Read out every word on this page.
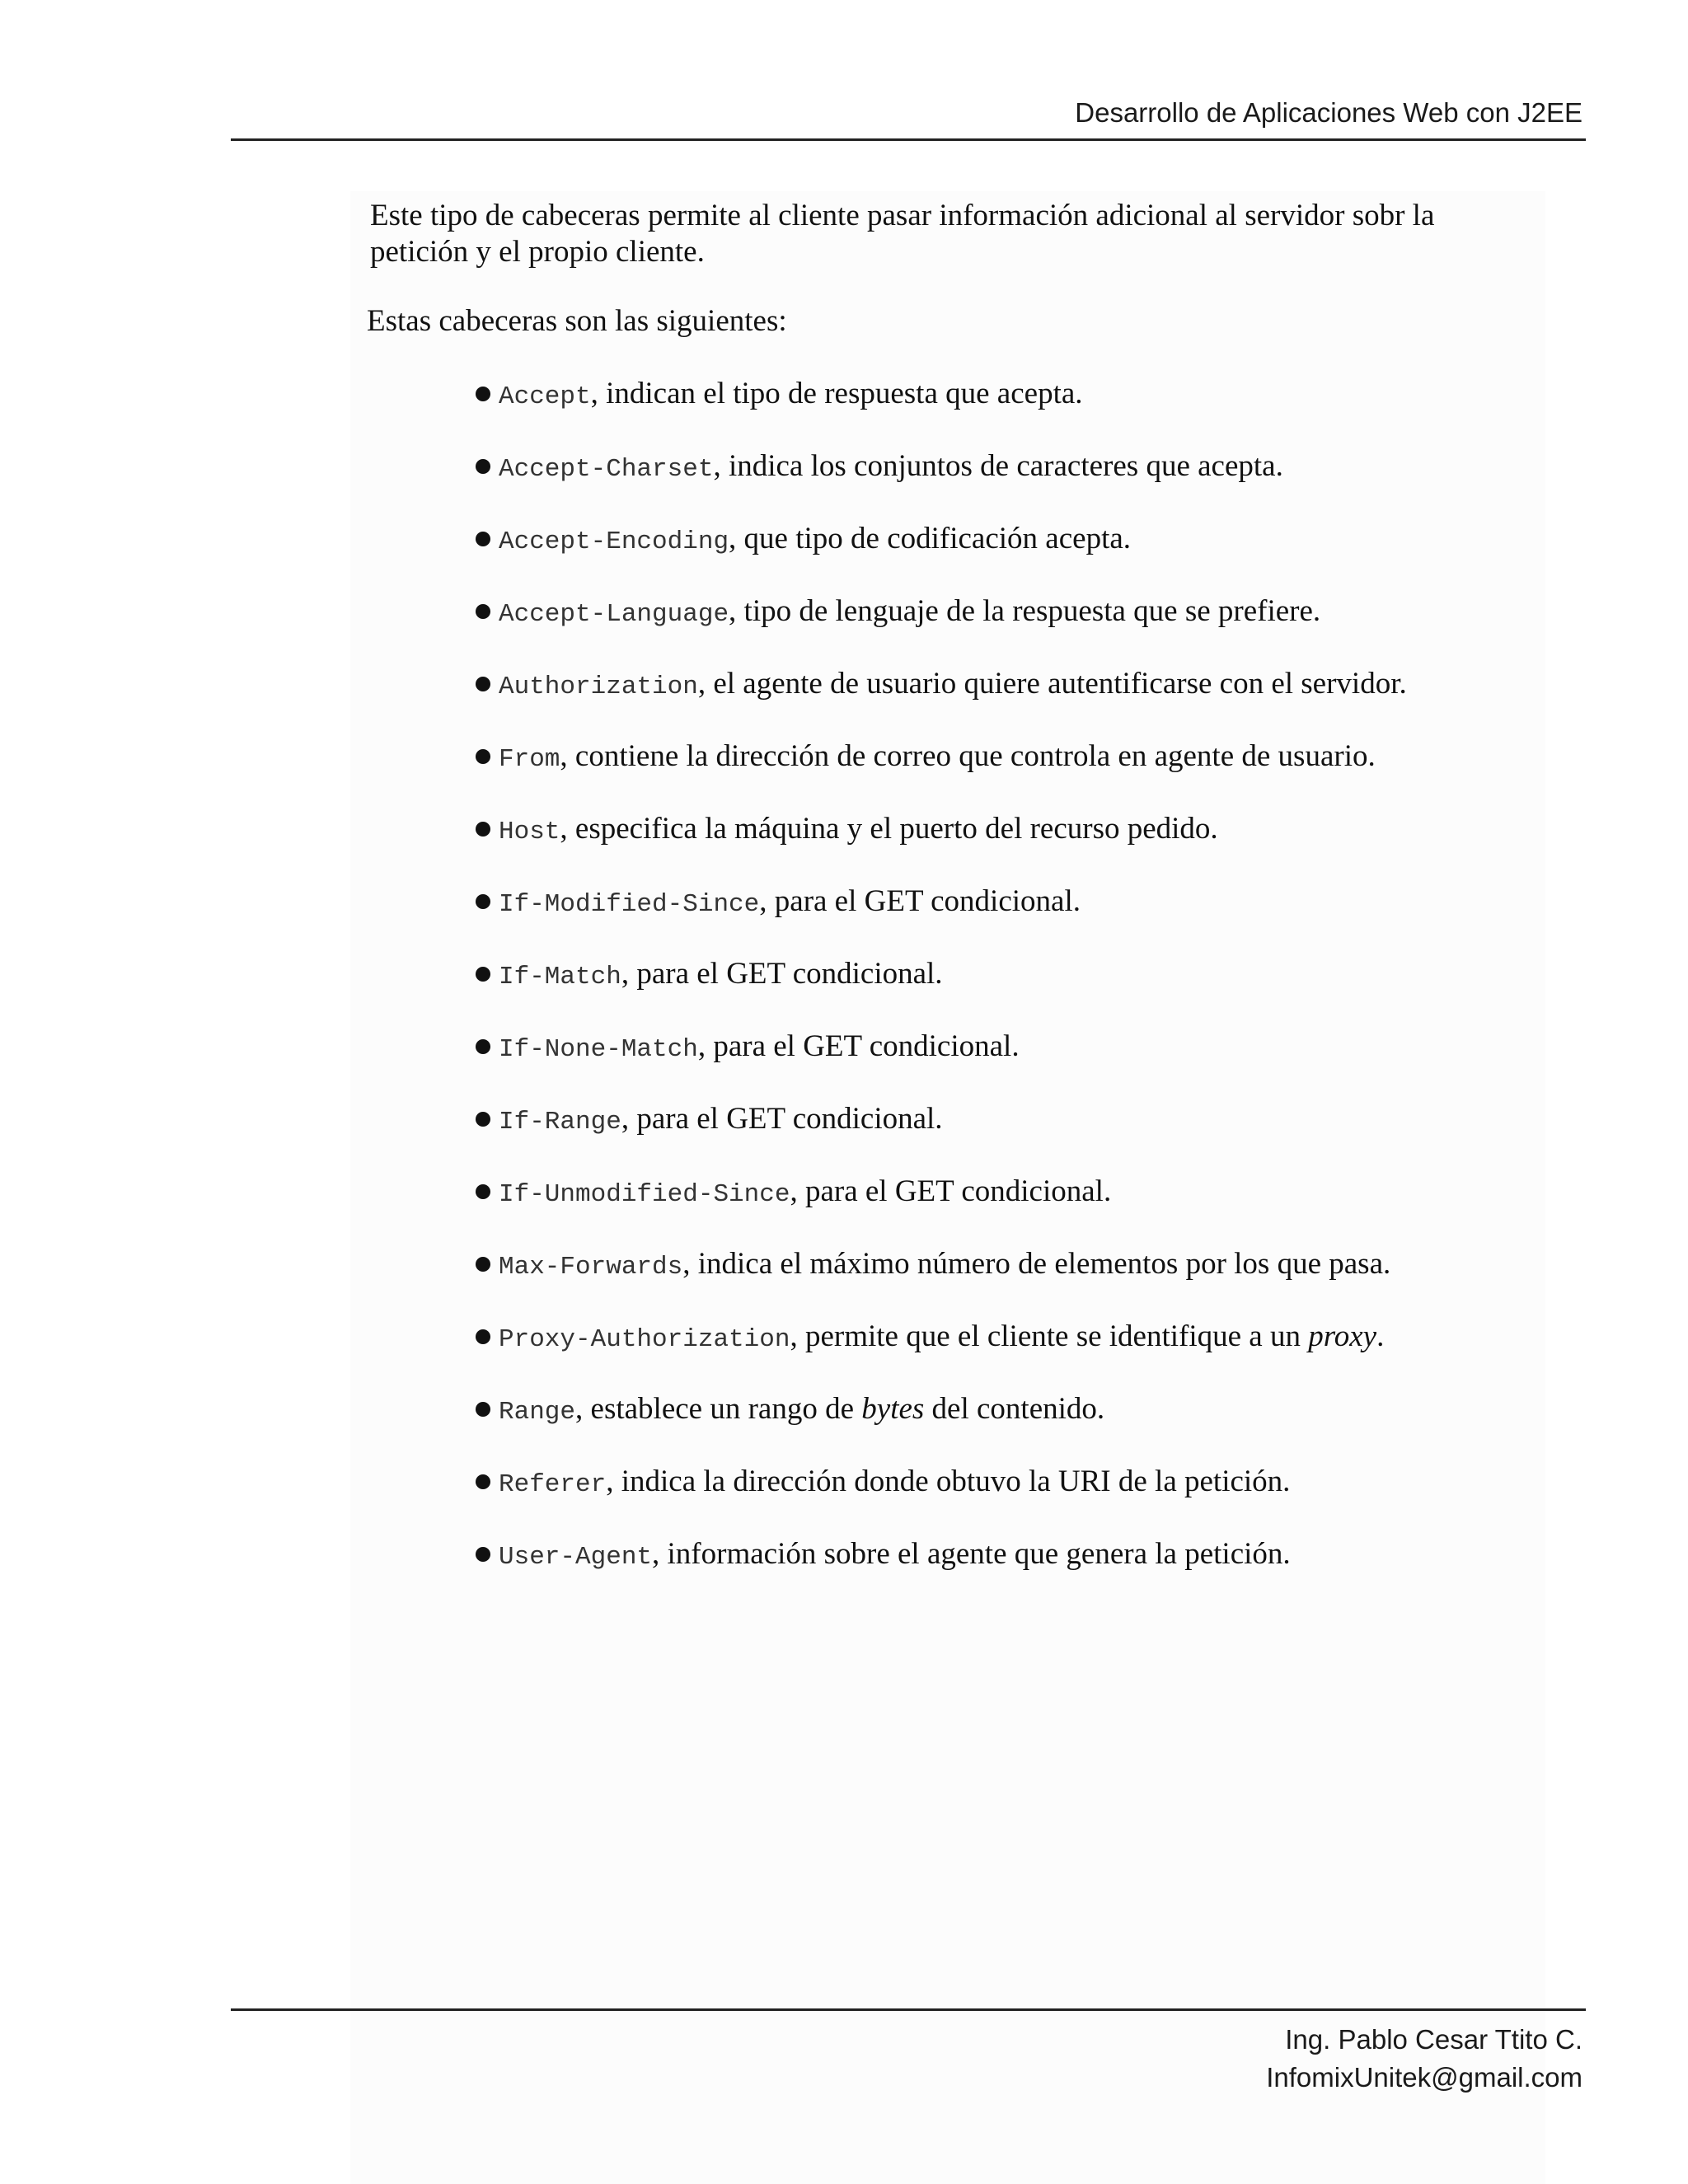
Desarrollo de Aplicaciones Web con J2EE

Este tipo de cabeceras permite al cliente pasar información adicional al servidor sobr la petición y el propio cliente.

Estas cabeceras son las siguientes:

Accept, indican el tipo de respuesta que acepta.
Accept-Charset, indica los conjuntos de caracteres que acepta.
Accept-Encoding, que tipo de codificación acepta.
Accept-Language, tipo de lenguaje de la respuesta que se prefiere.
Authorization, el agente de usuario quiere autentificarse con el servidor.
From, contiene la dirección de correo que controla en agente de usuario.
Host, especifica la máquina y el puerto del recurso pedido.
If-Modified-Since, para el GET condicional.
If-Match, para el GET condicional.
If-None-Match, para el GET condicional.
If-Range, para el GET condicional.
If-Unmodified-Since, para el GET condicional.
Max-Forwards, indica el máximo número de elementos por los que pasa.
Proxy-Authorization, permite que el cliente se identifique a un proxy.
Range, establece un rango de bytes del contenido.
Referer, indica la dirección donde obtuvo la URI de la petición.
User-Agent, información sobre el agente que genera la petición.
Ing. Pablo Cesar Ttito C.
InfomixUnitek@gmail.com
